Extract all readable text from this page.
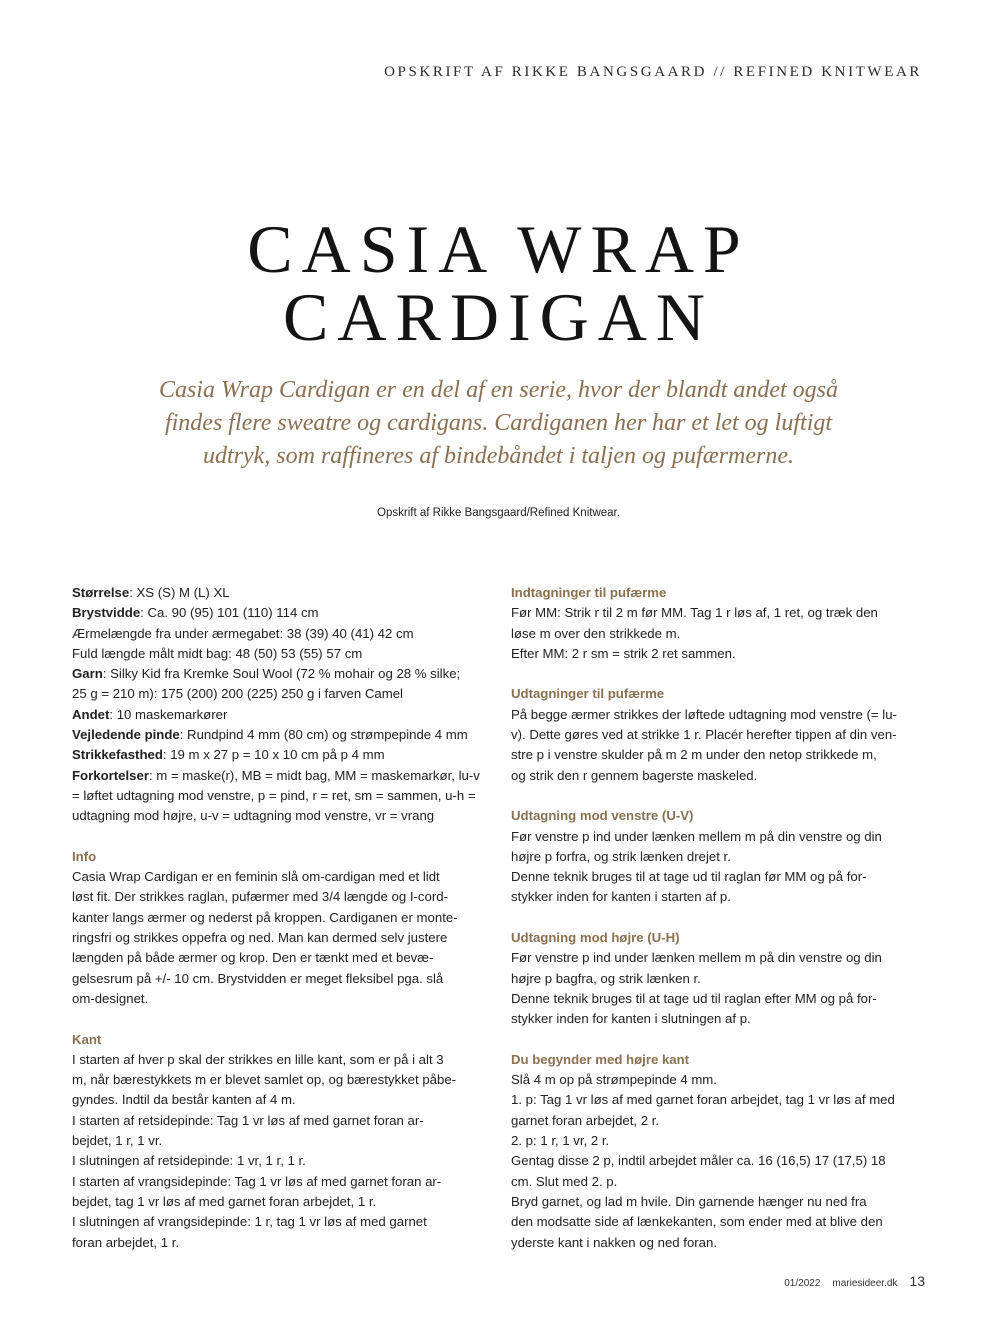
OPSKRIFT AF RIKKE BANGSGAARD // REFINED KNITWEAR
CASIA WRAP
CARDIGAN
Casia Wrap Cardigan er en del af en serie, hvor der blandt andet også
findes flere sweatre og cardigans. Cardiganen her har et let og luftigt
udtryk, som raffineres af bindebåndet i taljen og pufærmerne.
Opskrift af Rikke Bangsgaard/Refined Knitwear.
Størrelse: XS (S) M (L) XL
Brystvidde: Ca. 90 (95) 101 (110) 114 cm
Ærmelængde fra under ærmegabet: 38 (39) 40 (41) 42 cm
Fuld længde målt midt bag: 48 (50) 53 (55) 57 cm
Garn: Silky Kid fra Kremke Soul Wool (72 % mohair og 28 % silke;
25 g = 210 m): 175 (200) 200 (225) 250 g i farven Camel
Andet: 10 maskemarkører
Vejledende pinde: Rundpind 4 mm (80 cm) og strømpepinde 4 mm
Strikkefasthed: 19 m x 27 p = 10 x 10 cm på p 4 mm
Forkortelser: m = maske(r), MB = midt bag, MM = maskemarkør, lu-v
= løftet udtagning mod venstre, p = pind, r = ret, sm = sammen, u-h =
udtagning mod højre, u-v = udtagning mod venstre, vr = vrang
Info
Casia Wrap Cardigan er en feminin slå om-cardigan med et lidt
løst fit. Der strikkes raglan, pufærmer med 3/4 længde og I-cord-
kanter langs ærmer og nederst på kroppen. Cardiganen er monte-
ringsfri og strikkes oppefra og ned. Man kan dermed selv justere
længden på både ærmer og krop. Den er tænkt med et bevæ-
gelsesrum på +/- 10 cm. Brystvidden er meget fleksibel pga. slå
om-designet.
Kant
I starten af hver p skal der strikkes en lille kant, som er på i alt 3
m, når bærestykkets m er blevet samlet op, og bærestykket påbe-
gyndes. Indtil da består kanten af 4 m.
I starten af retsidepinde: Tag 1 vr løs af med garnet foran ar-
bejdet, 1 r, 1 vr.
I slutningen af retsidepinde: 1 vr, 1 r, 1 r.
I starten af vrangsidepinde: Tag 1 vr løs af med garnet foran ar-
bejdet, tag 1 vr løs af med garnet foran arbejdet, 1 r.
I slutningen af vrangsidepinde: 1 r, tag 1 vr løs af med garnet
foran arbejdet, 1 r.
Indtagninger til pufærme
Før MM: Strik r til 2 m før MM. Tag 1 r løs af, 1 ret, og træk den
løse m over den strikkede m.
Efter MM: 2 r sm = strik 2 ret sammen.
Udtagninger til pufærme
På begge ærmer strikkes der løftede udtagning mod venstre (= lu-
v). Dette gøres ved at strikke 1 r. Placér herefter tippen af din ven-
stre p i venstre skulder på m 2 m under den netop strikkede m,
og strik den r gennem bagerste maskeled.
Udtagning mod venstre (U-V)
Før venstre p ind under lænken mellem m på din venstre og din
højre p forfra, og strik lænken drejet r.
Denne teknik bruges til at tage ud til raglan før MM og på for-
stykker inden for kanten i starten af p.
Udtagning mod højre (U-H)
Før venstre p ind under lænken mellem m på din venstre og din
højre p bagfra, og strik lænken r.
Denne teknik bruges til at tage ud til raglan efter MM og på for-
stykker inden for kanten i slutningen af p.
Du begynder med højre kant
Slå 4 m op på strømpepinde 4 mm.
1. p: Tag 1 vr løs af med garnet foran arbejdet, tag 1 vr løs af med
garnet foran arbejdet, 2 r.
2. p: 1 r, 1 vr, 2 r.
Gentag disse 2 p, indtil arbejdet måler ca. 16 (16,5) 17 (17,5) 18
cm. Slut med 2. p.
Bryd garnet, og lad m hvile. Din garnende hænger nu ned fra
den modsatte side af lænkekanten, som ender med at blive den
yderste kant i nakken og ned foran.
01/2022 mariesideer.dk 13
